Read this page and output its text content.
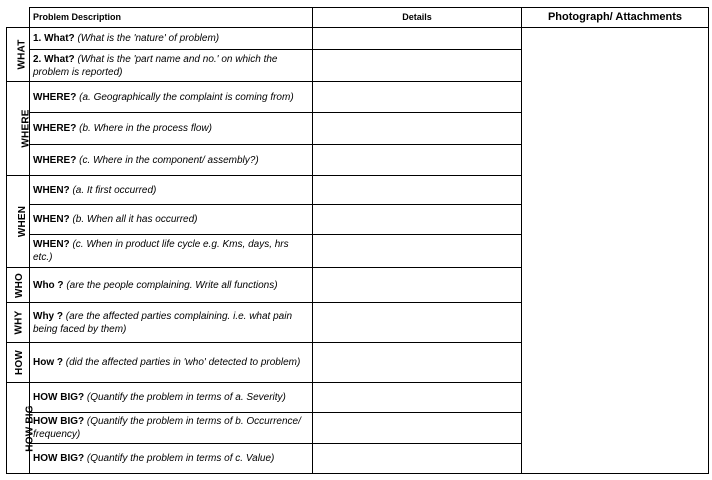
	Problem Description	Details	Photograph/ Attachments
WHAT	1. What? (What is the 'nature' of problem)		
	2. What? (What is the 'part name and no.' on which the problem is reported)		
WHERE	WHERE? (a. Geographically the complaint is coming from)		
	WHERE? (b. Where in the process flow)		
	WHERE? (c. Where in the component/ assembly?)		
WHEN	WHEN? (a. It first occurred)		
	WHEN? (b. When all it has occurred)		
	WHEN? (c. When in product life cycle e.g. Kms, days, hrs etc.)		
WHO	Who ? (are the people complaining. Write all functions)		
WHY	Why ? (are the affected parties complaining. i.e. what pain being faced by them)		
HOW	How ? (did the affected parties in 'who' detected to problem)		
HOW BIG	HOW BIG? (Quantify the problem in terms of a. Severity)		
	HOW BIG? (Quantify the problem in terms of b. Occurrence/ frequency)		
	HOW BIG? (Quantify the problem in terms of c. Value)		
